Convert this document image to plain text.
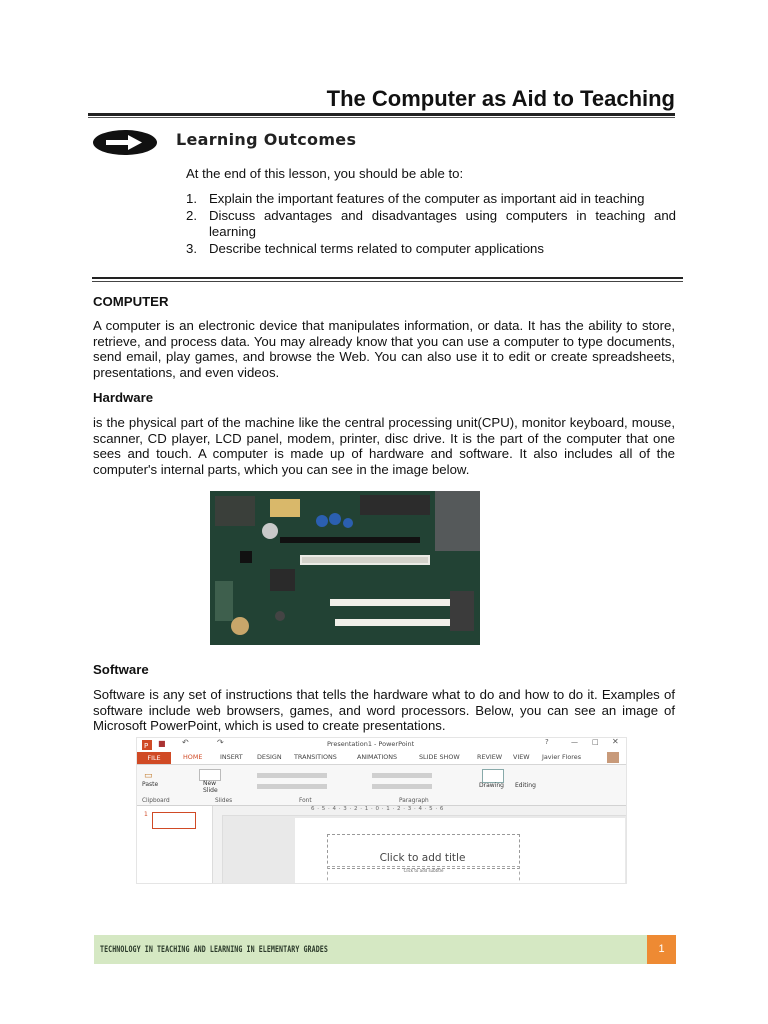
The Computer as Aid to Teaching
Learning Outcomes
At the end of this lesson, you should be able to:
1. Explain the important features of the computer as important aid in teaching
2. Discuss advantages and disadvantages using computers in teaching and learning
3. Describe technical terms related to computer applications
COMPUTER
A computer is an electronic device that manipulates information, or data. It has the ability to store, retrieve, and process data. You may already know that you can use a computer to type documents, send email, play games, and browse the Web. You can also use it to edit or create spreadsheets, presentations, and even videos.
Hardware
is the physical part of the machine like the central processing unit(CPU), monitor keyboard, mouse, scanner, CD player, LCD panel, modem, printer, disc drive. It is the part of the computer that one sees and touch. A computer is made up of hardware and software. It also includes all of the computer's internal parts, which you can see in the image below.
Software
Software is any set of instructions that tells the hardware what to do and how to do it. Examples of software include web browsers, games, and word processors. Below, you can see an image of Microsoft PowerPoint, which is used to create presentations.
P ■ ↶	↷	Presentation1 - PowerPoint	?	— □ ✕
HOME	INSERT DESIGN TRANSITIONS	ANIMATIONS	SLIDE SHOW	REVIEW VIEW Javier Flores
FILE
▭
Paste	New Slide
Drawing Editing
Clipboard	Slides	Font	Paragraph
1
6 · 5 · 4 · 3 · 2 · 1 · 0 · 1 · 2 · 3 · 4 · 5 · 6
Click to add title
Click to add subtitle
TECHNOLOGY IN TEACHING AND LEARNING IN ELEMENTARY GRADES	1
